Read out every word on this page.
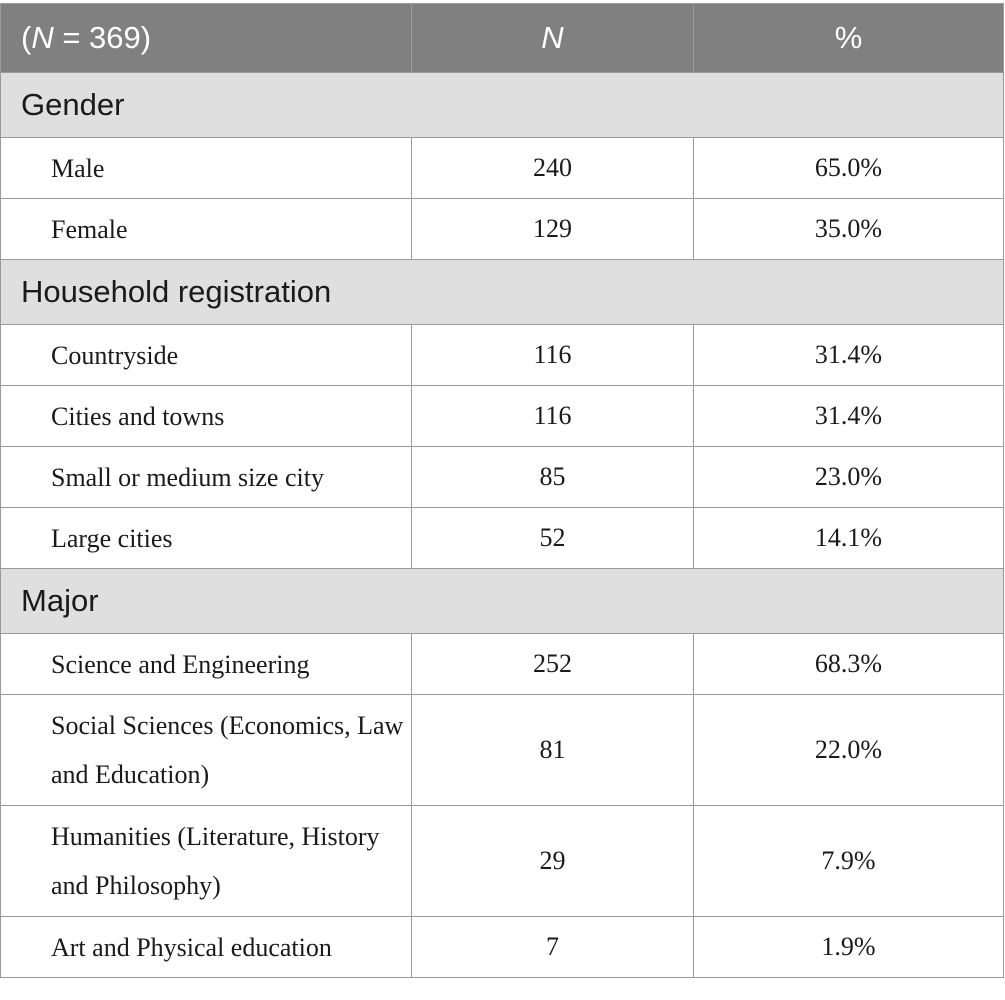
(N = 369)	N	%
Gender		
Male	240	65.0%
Female	129	35.0%
Household registration		
Countryside	116	31.4%
Cities and towns	116	31.4%
Small or medium size city	85	23.0%
Large cities	52	14.1%
Major		
Science and Engineering	252	68.3%
Social Sciences (Economics, Law and Education)	81	22.0%
Humanities (Literature, History and Philosophy)	29	7.9%
Art and Physical education	7	1.9%
